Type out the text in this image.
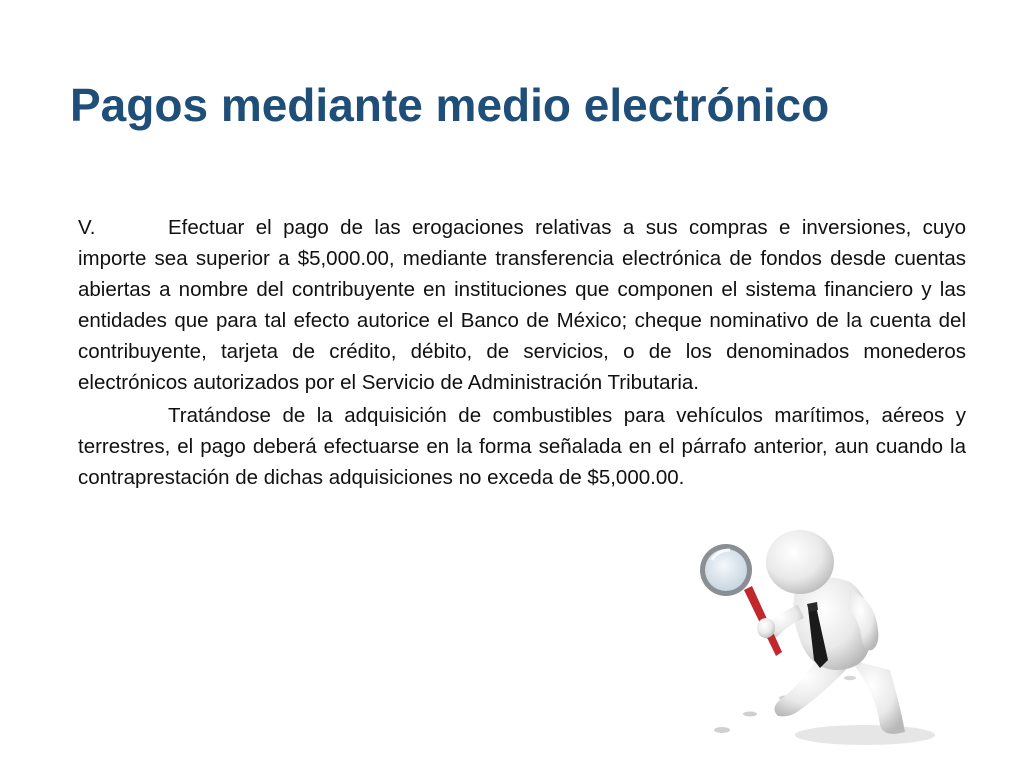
Pagos mediante medio electrónico

V.	Efectuar el pago de las erogaciones relativas a sus compras e inversiones, cuyo importe sea superior a $5,000.00, mediante transferencia electrónica de fondos desde cuentas abiertas a nombre del contribuyente en instituciones que componen el sistema financiero y las entidades que para tal efecto autorice el Banco de México; cheque nominativo de la cuenta del contribuyente, tarjeta de crédito, débito, de servicios, o de los denominados monederos electrónicos autorizados por el Servicio de Administración Tributaria.

Tratándose de la adquisición de combustibles para vehículos marítimos, aéreos y terrestres, el pago deberá efectuarse en la forma señalada en el párrafo anterior, aun cuando la contraprestación de dichas adquisiciones no exceda de $5,000.00.
